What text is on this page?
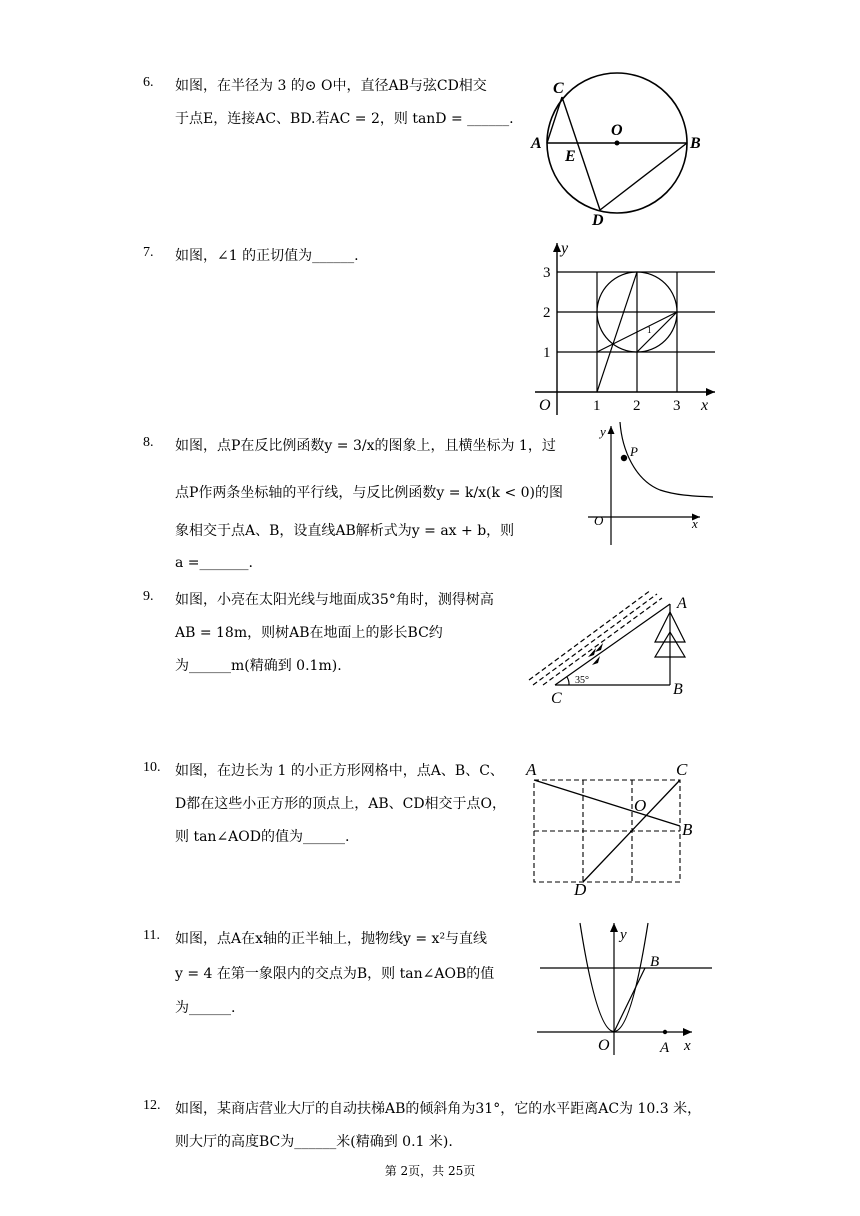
6. 如图，在半径为 3 的⊙ O中，直径AB与弦CD相交
于点E，连接AC、BD.若AC = 2，则 tanD = ______.
C
A
O
B
E
D
7. 如图，∠1 的正切值为______.	y
x
O	1 2 3
1
2
3
1
8. 如图，点P在反比例函数y = 3/x的图象上，且横坐标为 1，过
点P作两条坐标轴的平行线，与反比例函数y = k/x(k < 0)的图
象相交于点A、B，设直线AB解析式为y = ax + b，则
a =_______.
y
x
O
P
9. 如图，小亮在太阳光线与地面成35°角时，测得树高
AB = 18m，则树AB在地面上的影长BC约
为______m(精确到 0.1m).
A
B
C
35°
10. 如图，在边长为 1 的小正方形网格中，点A、B、C、
D都在这些小正方形的顶点上，AB、CD相交于点O，
则 tan∠AOD的值为______.
A	C
B
O
D
11. 如图，点A在x轴的正半轴上，抛物线y = x²与直线
y = 4 在第一象限内的交点为B，则 tan∠AOB的值
为______.
y
x
O	A
B
12. 如图，某商店营业大厅的自动扶梯AB的倾斜角为31°，它的水平距离AC为 10.3 米，
则大厅的高度BC为______米(精确到 0.1 米).
第 2页，共 25页
